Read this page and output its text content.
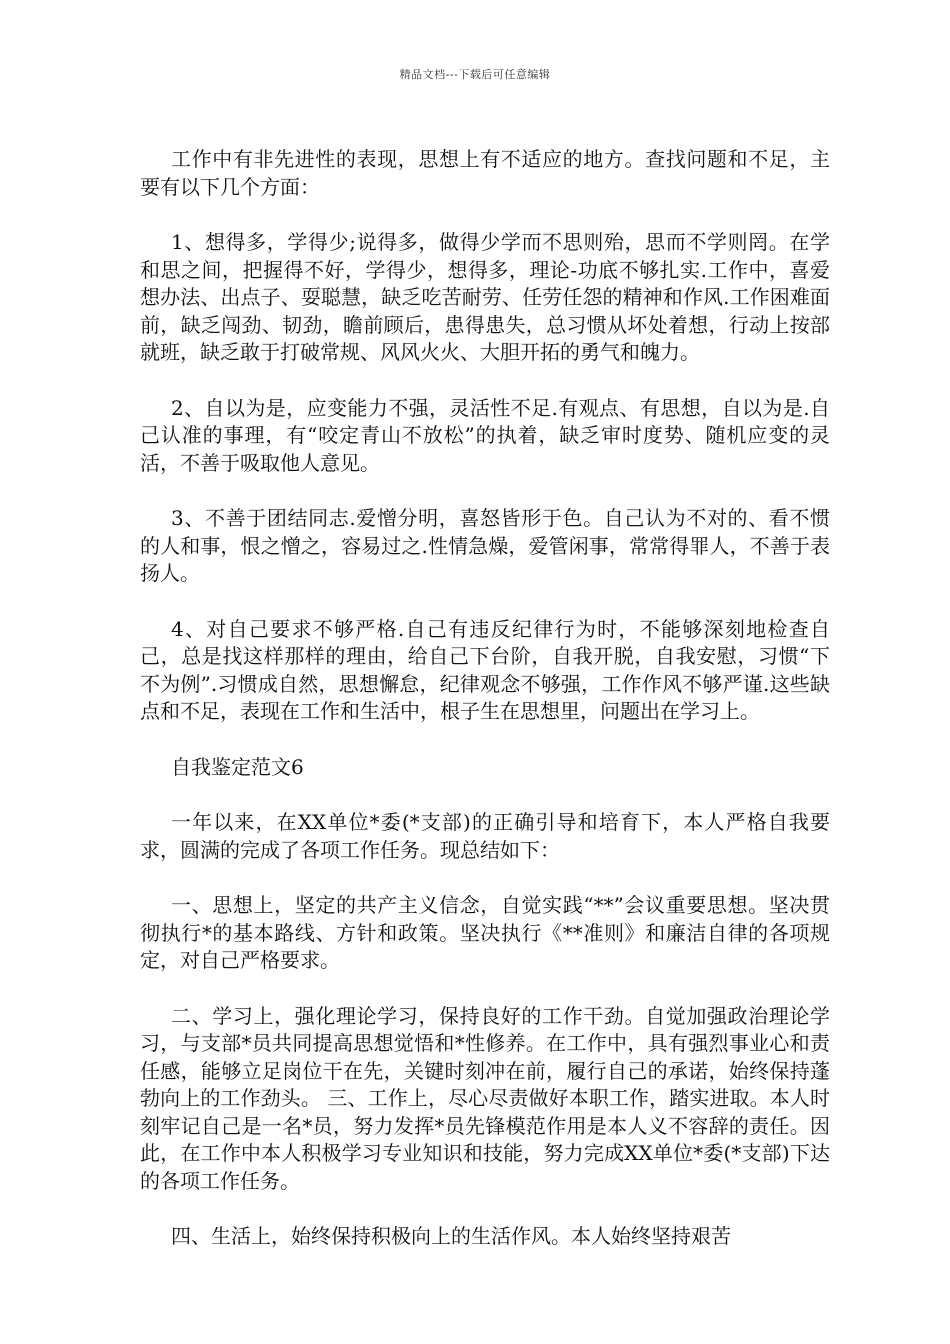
精品文档---下载后可任意编辑

工作中有非先进性的表现，思想上有不适应的地方。查找问题和不足，主要有以下几个方面：

1、想得多，学得少;说得多，做得少学而不思则殆，思而不学则罔。在学和思之间，把握得不好，学得少，想得多，理论-功底不够扎实.工作中，喜爱想办法、出点子、耍聪慧，缺乏吃苦耐劳、任劳任怨的精神和作风.工作困难面前，缺乏闯劲、韧劲，瞻前顾后，患得患失，总习惯从坏处着想，行动上按部就班，缺乏敢于打破常规、风风火火、大胆开拓的勇气和魄力。

2、自以为是，应变能力不强，灵活性不足.有观点、有思想，自以为是.自己认准的事理，有“咬定青山不放松”的执着，缺乏审时度势、随机应变的灵活，不善于吸取他人意见。

3、不善于团结同志.爱憎分明，喜怒皆形于色。自己认为不对的、看不惯的人和事，恨之憎之，容易过之.性情急燥，爱管闲事，常常得罪人，不善于表扬人。

4、对自己要求不够严格.自己有违反纪律行为时，不能够深刻地检查自己，总是找这样那样的理由，给自己下台阶，自我开脱，自我安慰，习惯“下不为例”.习惯成自然，思想懈怠，纪律观念不够强，工作作风不够严谨.这些缺点和不足，表现在工作和生活中，根子生在思想里，问题出在学习上。

自我鉴定范文6

一年以来，在XX单位*委(*支部)的正确引导和培育下，本人严格自我要求，圆满的完成了各项工作任务。现总结如下：

一、思想上，坚定的共产主义信念，自觉实践“**”会议重要思想。坚决贯彻执行*的基本路线、方针和政策。坚决执行《**准则》和廉洁自律的各项规定，对自己严格要求。

二、学习上，强化理论学习，保持良好的工作干劲。自觉加强政治理论学习，与支部*员共同提高思想觉悟和*性修养。在工作中，具有强烈事业心和责任感，能够立足岗位干在先，关键时刻冲在前，履行自己的承诺，始终保持蓬勃向上的工作劲头。 三、工作上，尽心尽责做好本职工作，踏实进取。本人时刻牢记自己是一名*员，努力发挥*员先锋模范作用是本人义不容辞的责任。因此，在工作中本人积极学习专业知识和技能，努力完成XX单位*委(*支部)下达的各项工作任务。

四、生活上，始终保持积极向上的生活作风。本人始终坚持艰苦
